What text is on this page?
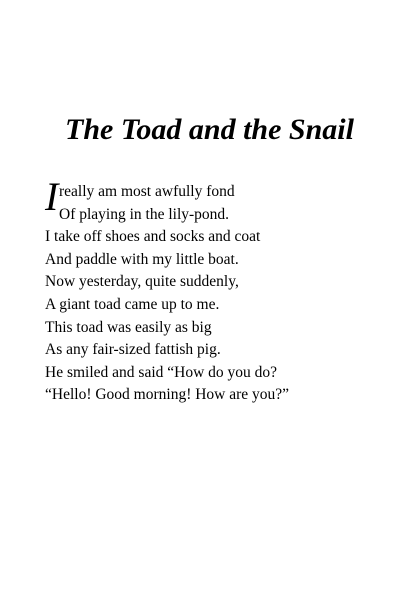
The Toad and the Snail
I really am most awfully fond
Of playing in the lily-pond.
I take off shoes and socks and coat
And paddle with my little boat.
Now yesterday, quite suddenly,
A giant toad came up to me.
This toad was easily as big
As any fair-sized fattish pig.
He smiled and said “How do you do?
“Hello! Good morning! How are you?”
